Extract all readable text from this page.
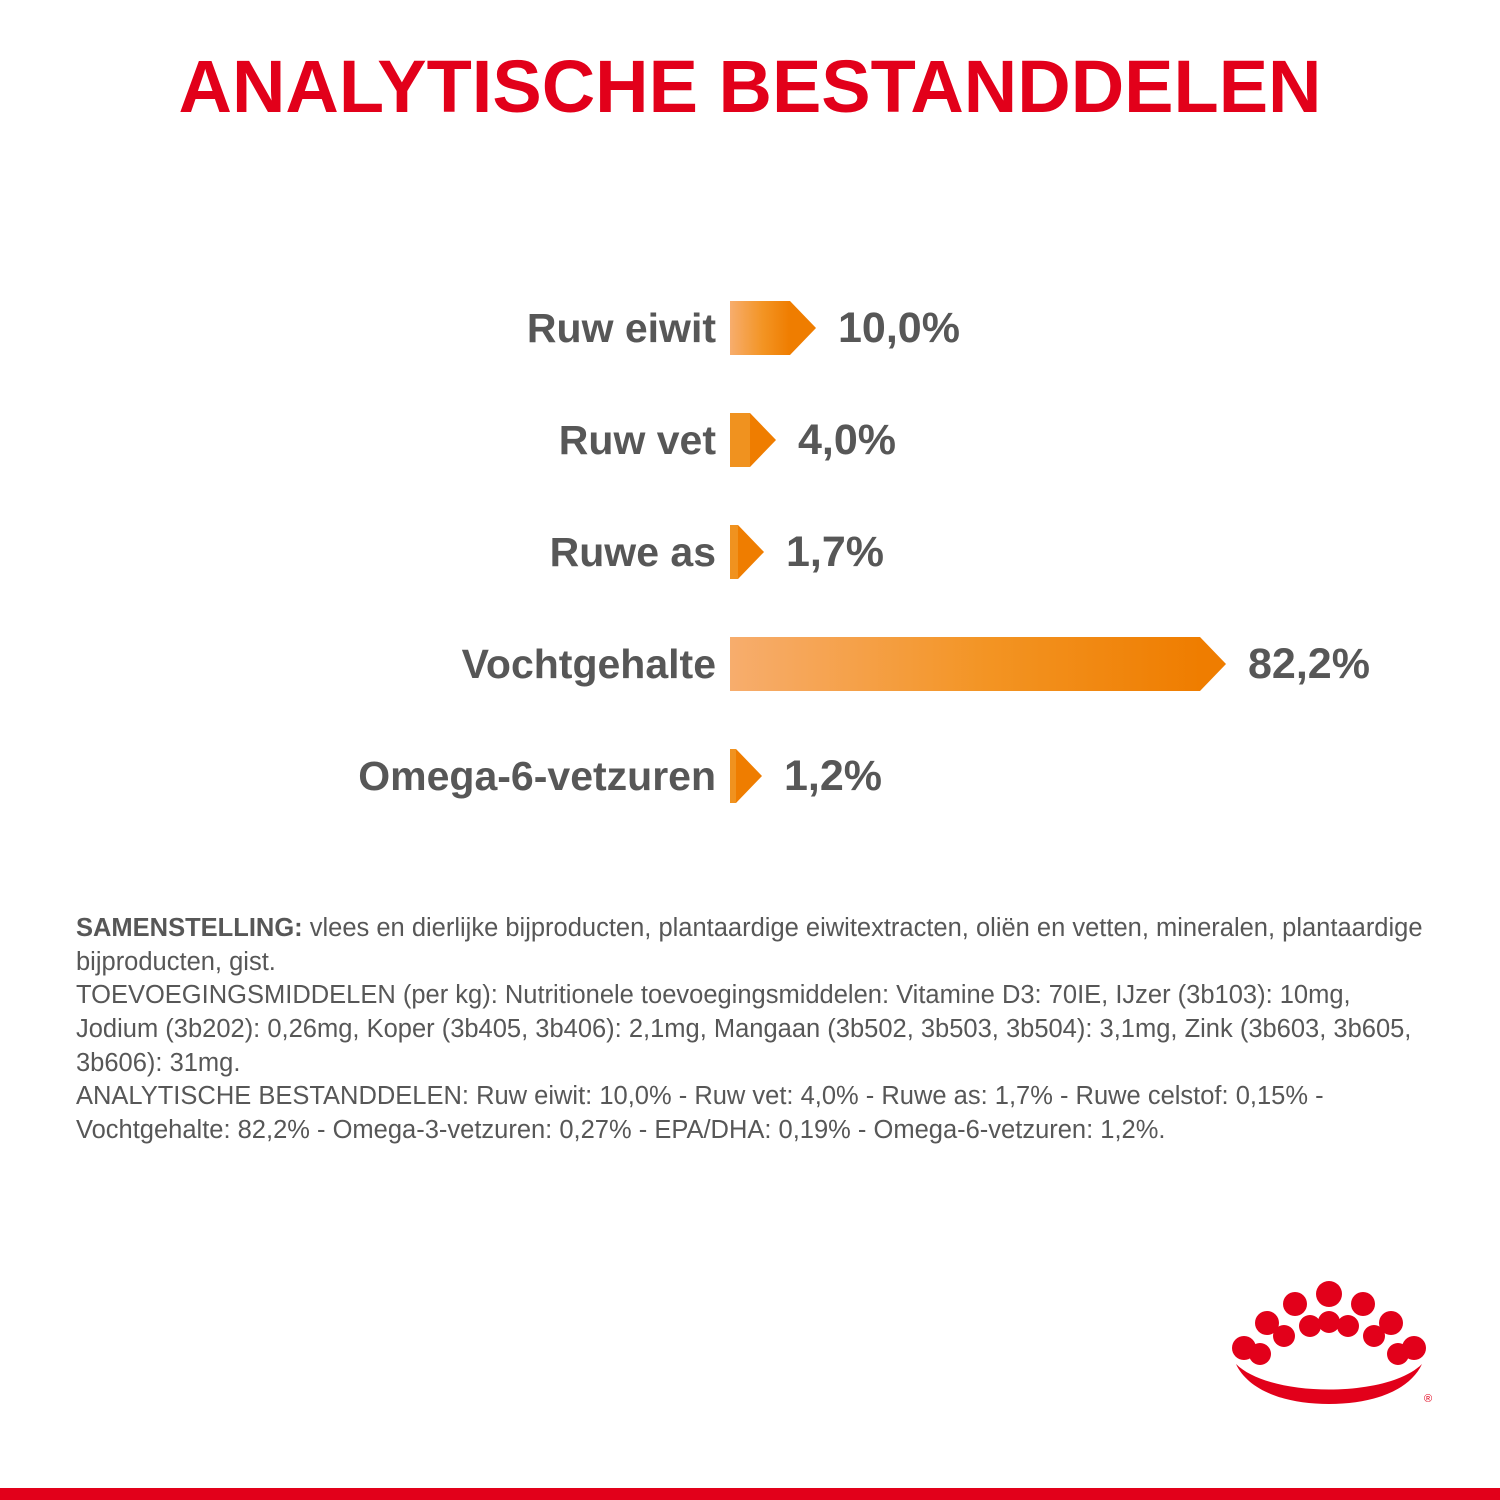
ANALYTISCHE BESTANDDELEN
Ruw eiwit	10,0%
Ruw vet	4,0%
Ruwe as	1,7%
Vochtgehalte	82,2%
Omega-6-vetzuren	1,2%

SAMENSTELLING: vlees en dierlijke bijproducten, plantaardige eiwitextracten, oliën en vetten, mineralen, plantaardige bijproducten, gist.

TOEVOEGINGSMIDDELEN (per kg): Nutritionele toevoegingsmiddelen: Vitamine D3: 70IE, IJzer (3b103): 10mg, Jodium (3b202): 0,26mg, Koper (3b405, 3b406): 2,1mg, Mangaan (3b502, 3b503, 3b504): 3,1mg, Zink (3b603, 3b605, 3b606): 31mg.

ANALYTISCHE BESTANDDELEN: Ruw eiwit: 10,0% - Ruw vet: 4,0% - Ruwe as: 1,7% - Ruwe celstof: 0,15% - Vochtgehalte: 82,2% - Omega-3-vetzuren: 0,27% - EPA/DHA: 0,19% - Omega-6-vetzuren: 1,2%.

®
